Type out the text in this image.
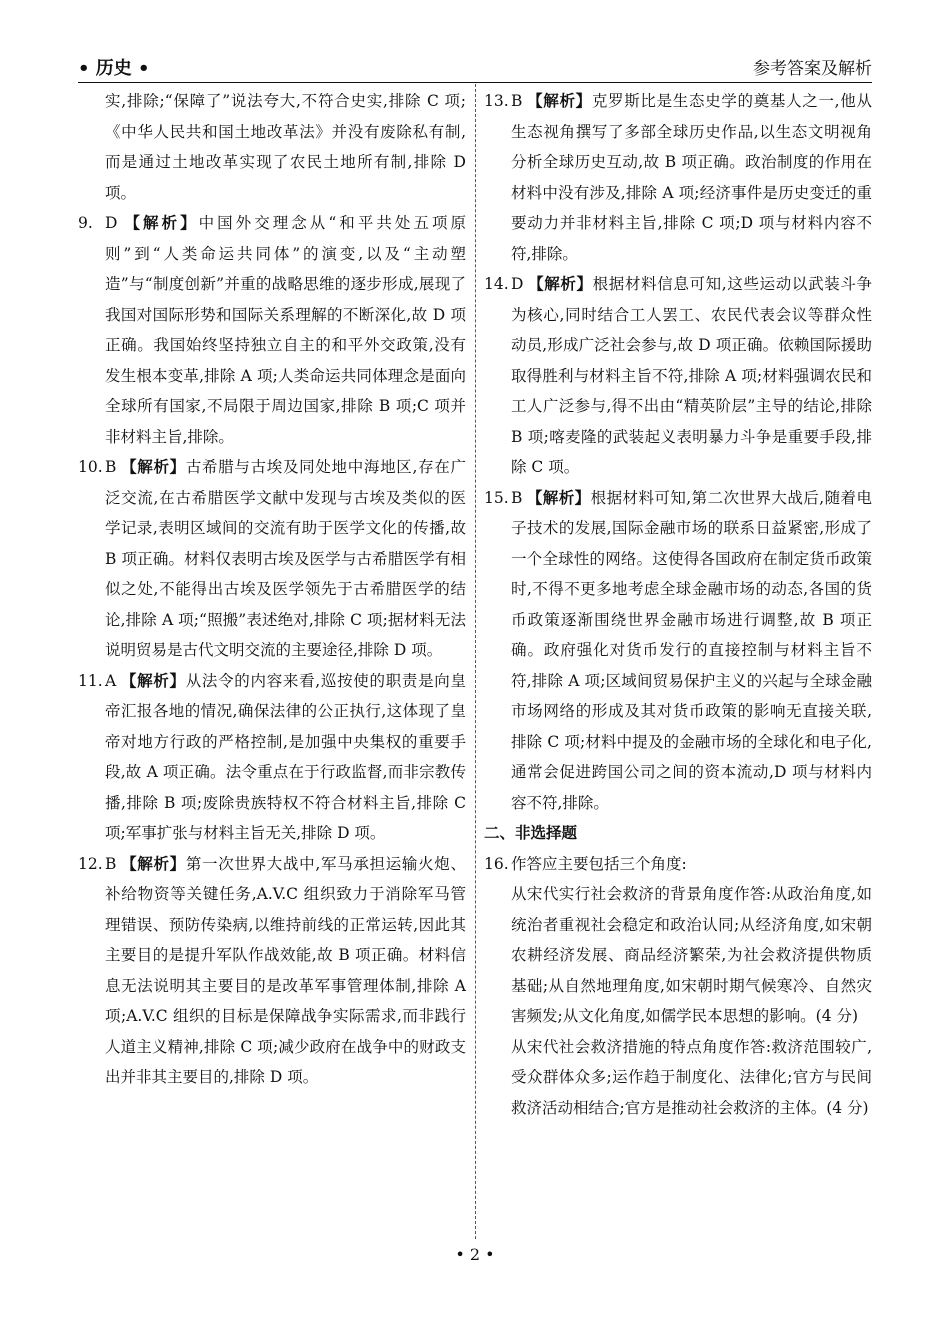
• 历史 •	参考答案及解析
实,排除;“保障了”说法夸大,不符合史实,排除 C 项;《中华人民共和国土地改革法》并没有废除私有制,而是通过土地改革实现了农民土地所有制,排除 D 项。
9. D 【解析】中国外交理念从“和平共处五项原则”到“人类命运共同体”的演变,以及“主动塑造”与“制度创新”并重的战略思维的逐步形成,展现了我国对国际形势和国际关系理解的不断深化,故 D 项正确。我国始终坚持独立自主的和平外交政策,没有发生根本变革,排除 A 项;人类命运共同体理念是面向全球所有国家,不局限于周边国家,排除 B 项;C 项并非材料主旨,排除。
10. B 【解析】古希腊与古埃及同处地中海地区,存在广泛交流,在古希腊医学文献中发现与古埃及类似的医学记录,表明区域间的交流有助于医学文化的传播,故 B 项正确。材料仅表明古埃及医学与古希腊医学有相似之处,不能得出古埃及医学领先于古希腊医学的结论,排除 A 项;“照搬”表述绝对,排除 C 项;据材料无法说明贸易是古代文明交流的主要途径,排除 D 项。
11. A 【解析】从法令的内容来看,巡按使的职责是向皇帝汇报各地的情况,确保法律的公正执行,这体现了皇帝对地方行政的严格控制,是加强中央集权的重要手段,故 A 项正确。法令重点在于行政监督,而非宗教传播,排除 B 项;废除贵族特权不符合材料主旨,排除 C 项;军事扩张与材料主旨无关,排除 D 项。
12. B 【解析】第一次世界大战中,军马承担运输火炮、补给物资等关键任务,A.V.C 组织致力于消除军马管理错误、预防传染病,以维持前线的正常运转,因此其主要目的是提升军队作战效能,故 B 项正确。材料信息无法说明其主要目的是改革军事管理体制,排除 A 项;A.V.C 组织的目标是保障战争实际需求,而非践行人道主义精神,排除 C 项;减少政府在战争中的财政支出并非其主要目的,排除 D 项。
13. B 【解析】克罗斯比是生态史学的奠基人之一,他从生态视角撰写了多部全球历史作品,以生态文明视角分析全球历史互动,故 B 项正确。政治制度的作用在材料中没有涉及,排除 A 项;经济事件是历史变迁的重要动力并非材料主旨,排除 C 项;D 项与材料内容不符,排除。
14. D 【解析】根据材料信息可知,这些运动以武装斗争为核心,同时结合工人罢工、农民代表会议等群众性动员,形成广泛社会参与,故 D 项正确。依赖国际援助取得胜利与材料主旨不符,排除 A 项;材料强调农民和工人广泛参与,得不出由“精英阶层”主导的结论,排除 B 项;喀麦隆的武装起义表明暴力斗争是重要手段,排除 C 项。
15. B 【解析】根据材料可知,第二次世界大战后,随着电子技术的发展,国际金融市场的联系日益紧密,形成了一个全球性的网络。这使得各国政府在制定货币政策时,不得不更多地考虑全球金融市场的动态,各国的货币政策逐渐围绕世界金融市场进行调整,故 B 项正确。政府强化对货币发行的直接控制与材料主旨不符,排除 A 项;区域间贸易保护主义的兴起与全球金融市场网络的形成及其对货币政策的影响无直接关联,排除 C 项;材料中提及的金融市场的全球化和电子化,通常会促进跨国公司之间的资本流动,D 项与材料内容不符,排除。
二、非选择题
16. 作答应主要包括三个角度:
从宋代实行社会救济的背景角度作答:从政治角度,如统治者重视社会稳定和政治认同;从经济角度,如宋朝农耕经济发展、商品经济繁荣,为社会救济提供物质基础;从自然地理角度,如宋朝时期气候寒冷、自然灾害频发;从文化角度,如儒学民本思想的影响。(4 分)
从宋代社会救济措施的特点角度作答:救济范围较广,受众群体众多;运作趋于制度化、法律化;官方与民间救济活动相结合;官方是推动社会救济的主体。(4 分)
• 2 •
